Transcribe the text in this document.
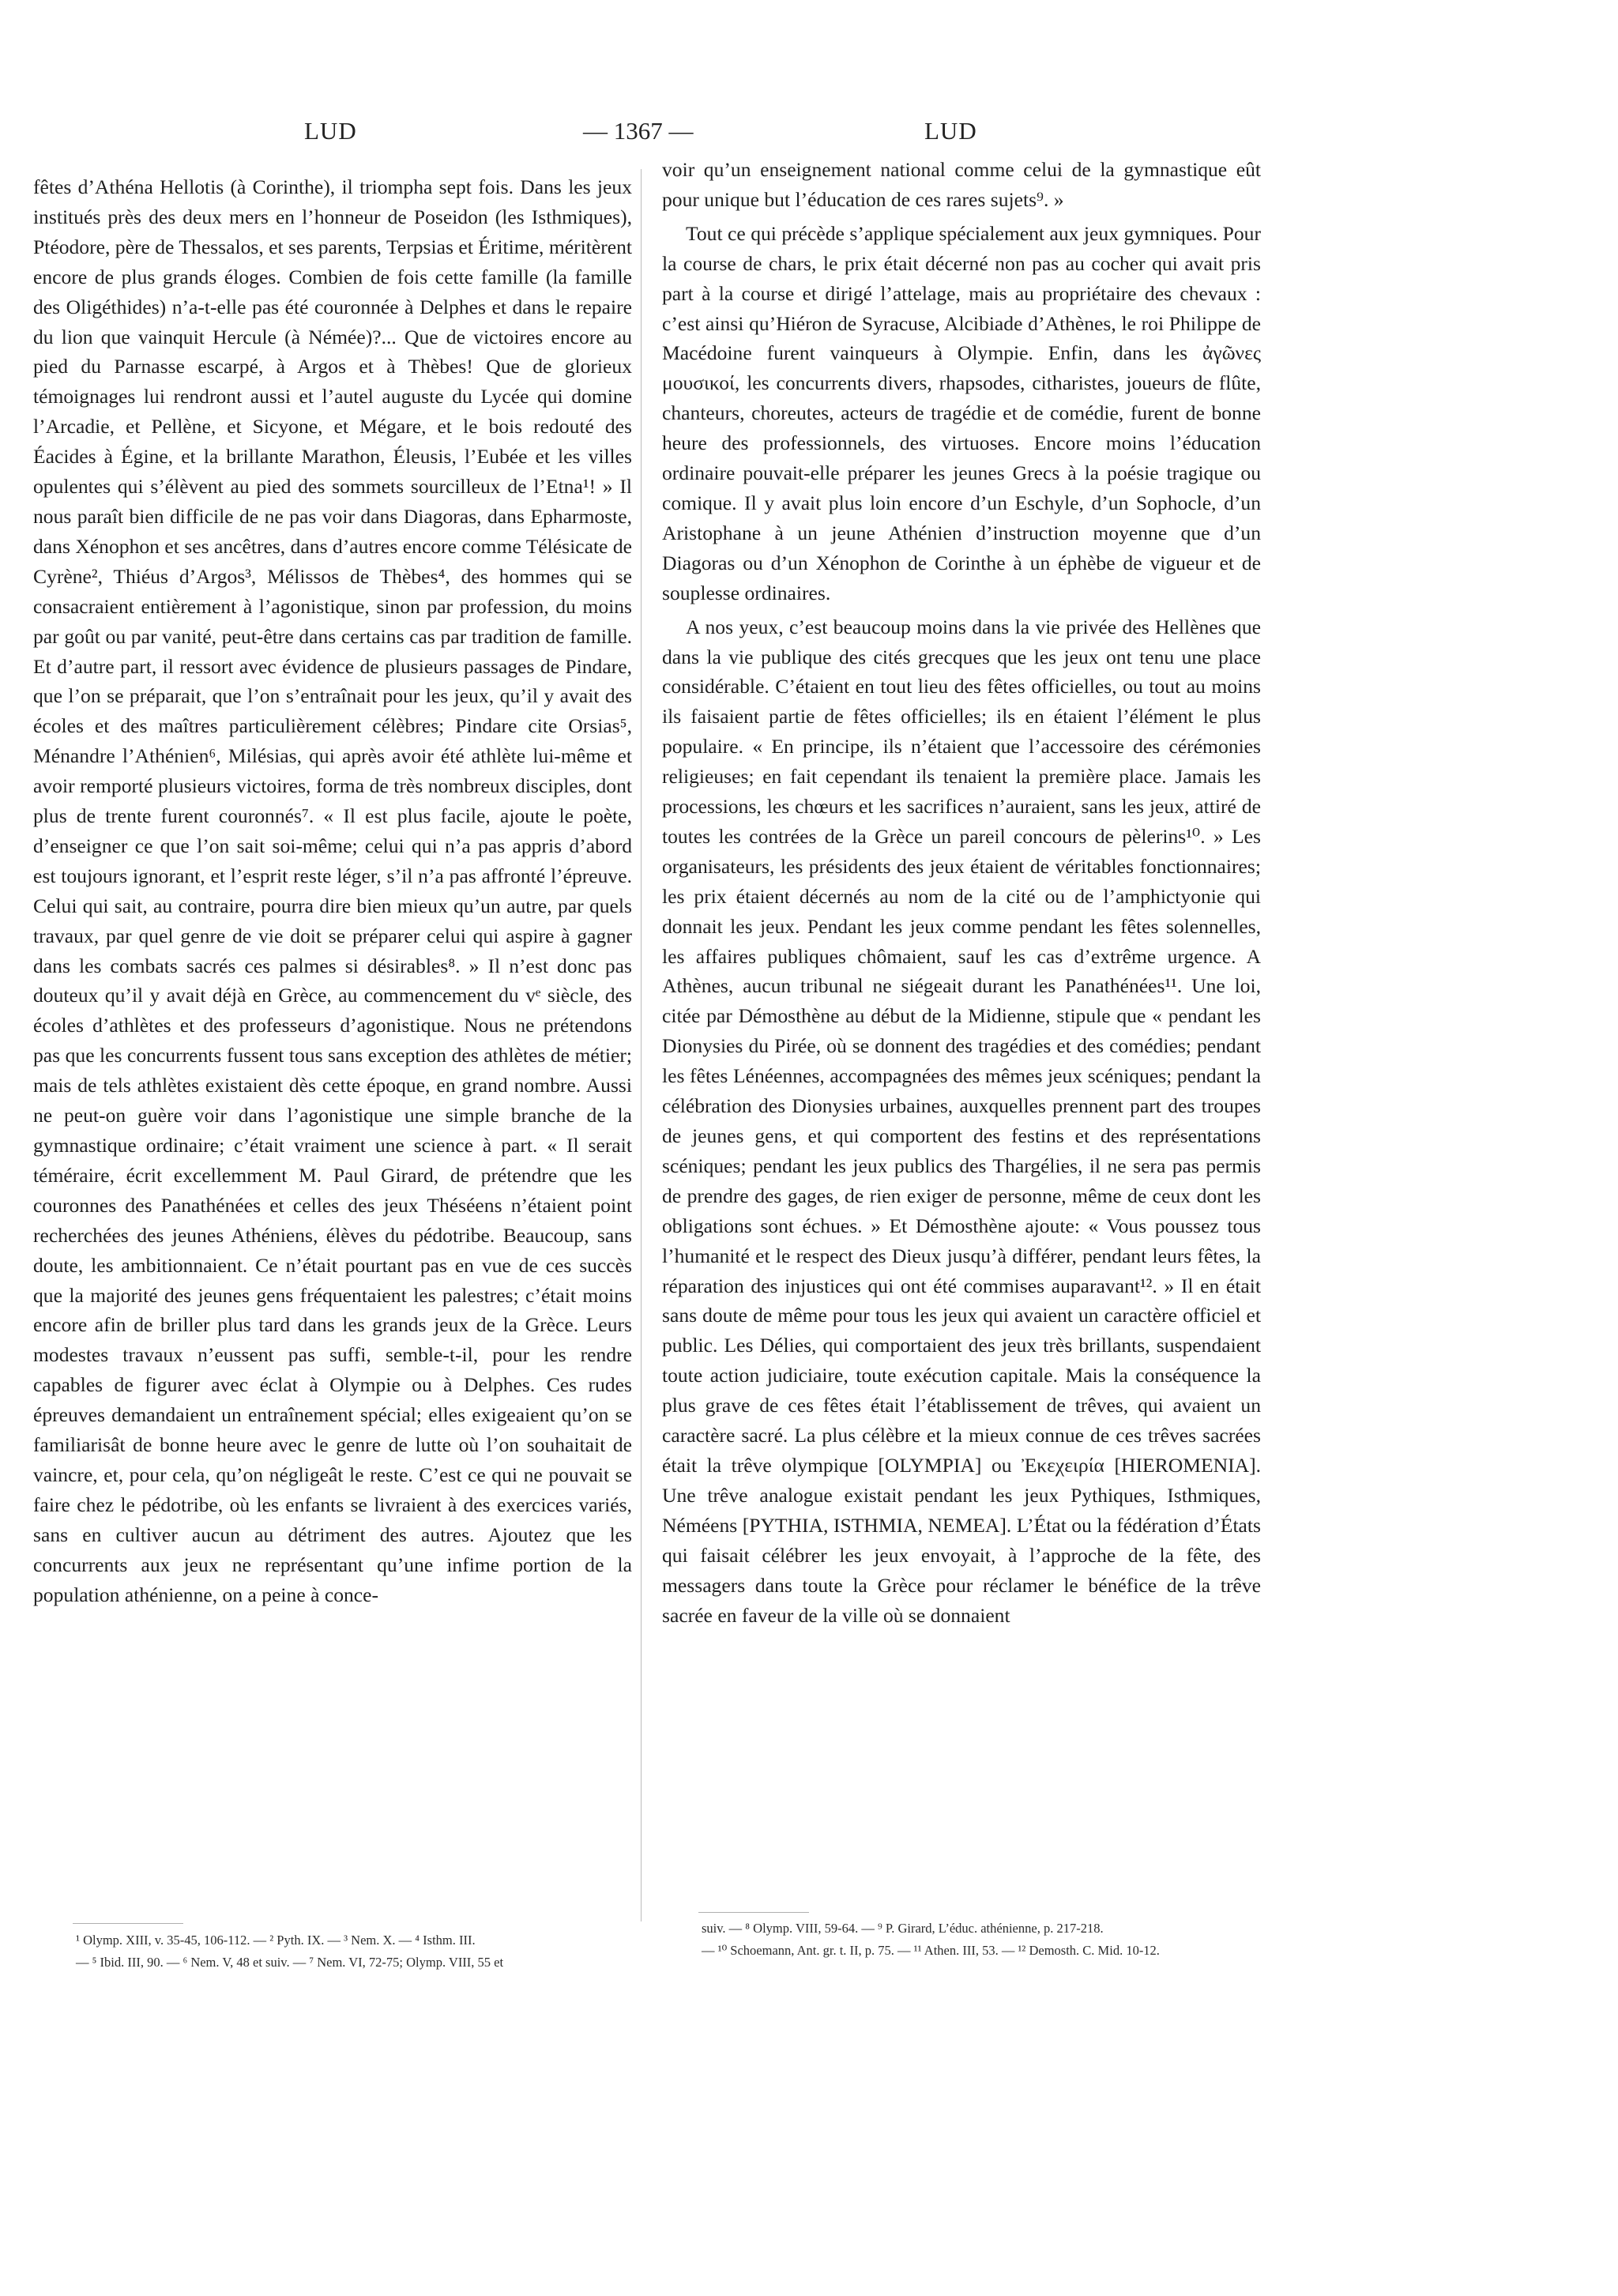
LUD	— 1367 —	LUD

fêtes d’Athéna Hellotis (à Corinthe), il triompha sept fois. Dans les jeux institués près des deux mers en l’honneur de Poseidon (les Isthmiques), Ptéodore, père de Thessalos, et ses parents, Terpsias et Éritime, méritèrent encore de plus grands éloges. Combien de fois cette famille (la famille des Oligéthides) n’a-t-elle pas été couronnée à Delphes et dans le repaire du lion que vainquit Hercule (à Némée)?... Que de victoires encore au pied du Parnasse escarpé, à Argos et à Thèbes! Que de glorieux témoignages lui rendront aussi et l’autel auguste du Lycée qui domine l’Arcadie, et Pellène, et Sicyone, et Mégare, et le bois redouté des Éacides à Égine, et la brillante Marathon, Éleusis, l’Eubée et les villes opulentes qui s’élèvent au pied des sommets sourcilleux de l’Etna¹! » Il nous paraît bien difficile de ne pas voir dans Diagoras, dans Epharmoste, dans Xénophon et ses ancêtres, dans d’autres encore comme Télésicate de Cyrène², Thiéus d’Argos³, Mélissos de Thèbes⁴, des hommes qui se consacraient entièrement à l’agonistique, sinon par profession, du moins par goût ou par vanité, peut-être dans certains cas par tradition de famille. Et d’autre part, il ressort avec évidence de plusieurs passages de Pindare, que l’on se préparait, que l’on s’entraînait pour les jeux, qu’il y avait des écoles et des maîtres particulièrement célèbres; Pindare cite Orsias⁵, Ménandre l’Athénien⁶, Milésias, qui après avoir été athlète lui-même et avoir remporté plusieurs victoires, forma de très nombreux disciples, dont plus de trente furent couronnés⁷. « Il est plus facile, ajoute le poète, d’enseigner ce que l’on sait soi-même; celui qui n’a pas appris d’abord est toujours ignorant, et l’esprit reste léger, s’il n’a pas affronté l’épreuve. Celui qui sait, au contraire, pourra dire bien mieux qu’un autre, par quels travaux, par quel genre de vie doit se préparer celui qui aspire à gagner dans les combats sacrés ces palmes si désirables⁸. » Il n’est donc pas douteux qu’il y avait déjà en Grèce, au commencement du vᵉ siècle, des écoles d’athlètes et des professeurs d’agonistique. Nous ne prétendons pas que les concurrents fussent tous sans exception des athlètes de métier; mais de tels athlètes existaient dès cette époque, en grand nombre. Aussi ne peut-on guère voir dans l’agonistique une simple branche de la gymnastique ordinaire; c’était vraiment une science à part. « Il serait téméraire, écrit excellemment M. Paul Girard, de prétendre que les couronnes des Panathénées et celles des jeux Théséens n’étaient point recherchées des jeunes Athéniens, élèves du pédotribe. Beaucoup, sans doute, les ambitionnaient. Ce n’était pourtant pas en vue de ces succès que la majorité des jeunes gens fréquentaient les palestres; c’était moins encore afin de briller plus tard dans les grands jeux de la Grèce. Leurs modestes travaux n’eussent pas suffi, semble-t-il, pour les rendre capables de figurer avec éclat à Olympie ou à Delphes. Ces rudes épreuves demandaient un entraînement spécial; elles exigeaient qu’on se familiarisât de bonne heure avec le genre de lutte où l’on souhaitait de vaincre, et, pour cela, qu’on négligeât le reste. C’est ce qui ne pouvait se faire chez le pédotribe, où les enfants se livraient à des exercices variés, sans en cultiver aucun au détriment des autres. Ajoutez que les concurrents aux jeux ne représentant qu’une infime portion de la population athénienne, on a peine à conce-

voir qu’un enseignement national comme celui de la gymnastique eût pour unique but l’éducation de ces rares sujets⁹. »

Tout ce qui précède s’applique spécialement aux jeux gymniques. Pour la course de chars, le prix était décerné non pas au cocher qui avait pris part à la course et dirigé l’attelage, mais au propriétaire des chevaux : c’est ainsi qu’Hiéron de Syracuse, Alcibiade d’Athènes, le roi Philippe de Macédoine furent vainqueurs à Olympie. Enfin, dans les ἀγῶνες μουσικοί, les concurrents divers, rhapsodes, citharistes, joueurs de flûte, chanteurs, choreutes, acteurs de tragédie et de comédie, furent de bonne heure des professionnels, des virtuoses. Encore moins l’éducation ordinaire pouvait-elle préparer les jeunes Grecs à la poésie tragique ou comique. Il y avait plus loin encore d’un Eschyle, d’un Sophocle, d’un Aristophane à un jeune Athénien d’instruction moyenne que d’un Diagoras ou d’un Xénophon de Corinthe à un éphèbe de vigueur et de souplesse ordinaires.

A nos yeux, c’est beaucoup moins dans la vie privée des Hellènes que dans la vie publique des cités grecques que les jeux ont tenu une place considérable. C’étaient en tout lieu des fêtes officielles, ou tout au moins ils faisaient partie de fêtes officielles; ils en étaient l’élément le plus populaire. « En principe, ils n’étaient que l’accessoire des cérémonies religieuses; en fait cependant ils tenaient la première place. Jamais les processions, les chœurs et les sacrifices n’auraient, sans les jeux, attiré de toutes les contrées de la Grèce un pareil concours de pèlerins¹⁰. » Les organisateurs, les présidents des jeux étaient de véritables fonctionnaires; les prix étaient décernés au nom de la cité ou de l’amphictyonie qui donnait les jeux. Pendant les jeux comme pendant les fêtes solennelles, les affaires publiques chômaient, sauf les cas d’extrême urgence. A Athènes, aucun tribunal ne siégeait durant les Panathénées¹¹. Une loi, citée par Démosthène au début de la Midienne, stipule que « pendant les Dionysies du Pirée, où se donnent des tragédies et des comédies; pendant les fêtes Lénéennes, accompagnées des mêmes jeux scéniques; pendant la célébration des Dionysies urbaines, auxquelles prennent part des troupes de jeunes gens, et qui comportent des festins et des représentations scéniques; pendant les jeux publics des Thargélies, il ne sera pas permis de prendre des gages, de rien exiger de personne, même de ceux dont les obligations sont échues. » Et Démosthène ajoute: « Vous poussez tous l’humanité et le respect des Dieux jusqu’à différer, pendant leurs fêtes, la réparation des injustices qui ont été commises auparavant¹². » Il en était sans doute de même pour tous les jeux qui avaient un caractère officiel et public. Les Délies, qui comportaient des jeux très brillants, suspendaient toute action judiciaire, toute exécution capitale. Mais la conséquence la plus grave de ces fêtes était l’établissement de trêves, qui avaient un caractère sacré. La plus célèbre et la mieux connue de ces trêves sacrées était la trêve olympique [OLYMPIA] ou Ἐκεχειρία [HIEROMENIA]. Une trêve analogue existait pendant les jeux Pythiques, Isthmiques, Néméens [PYTHIA, ISTHMIA, NEMEA]. L’État ou la fédération d’États qui faisait célébrer les jeux envoyait, à l’approche de la fête, des messagers dans toute la Grèce pour réclamer le bénéfice de la trêve sacrée en faveur de la ville où se donnaient

¹ Olymp. XIII, v. 35-45, 106-112. — ² Pyth. IX. — ³ Nem. X. — ⁴ Isthm. III.
— ⁵ Ibid. III, 90. — ⁶ Nem. V, 48 et suiv. — ⁷ Nem. VI, 72-75; Olymp. VIII, 55 et
suiv. — ⁸ Olymp. VIII, 59-64. — ⁹ P. Girard, L’éduc. athénienne, p. 217-218.
— ¹⁰ Schoemann, Ant. gr. t. II, p. 75. — ¹¹ Athen. III, 53. — ¹² Demosth. C. Mid. 10-12.
